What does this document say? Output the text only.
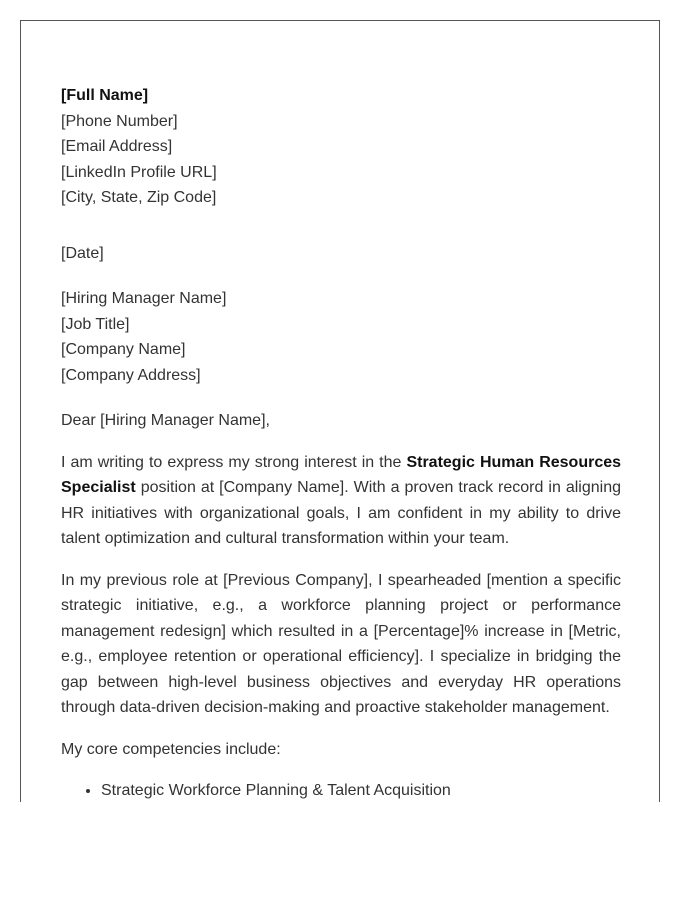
[Full Name]
[Phone Number]
[Email Address]
[LinkedIn Profile URL]
[City, State, Zip Code]
[Date]
[Hiring Manager Name]
[Job Title]
[Company Name]
[Company Address]
Dear [Hiring Manager Name],

I am writing to express my strong interest in the Strategic Human Resources Specialist position at [Company Name]. With a proven track record in aligning HR initiatives with organizational goals, I am confident in my ability to drive talent optimization and cultural transformation within your team.

In my previous role at [Previous Company], I spearheaded [mention a specific strategic initiative, e.g., a workforce planning project or performance management redesign] which resulted in a [Percentage]% increase in [Metric, e.g., employee retention or operational efficiency]. I specialize in bridging the gap between high-level business objectives and everyday HR operations through data-driven decision-making and proactive stakeholder management.

My core competencies include:
• Strategic Workforce Planning & Talent Acquisition
